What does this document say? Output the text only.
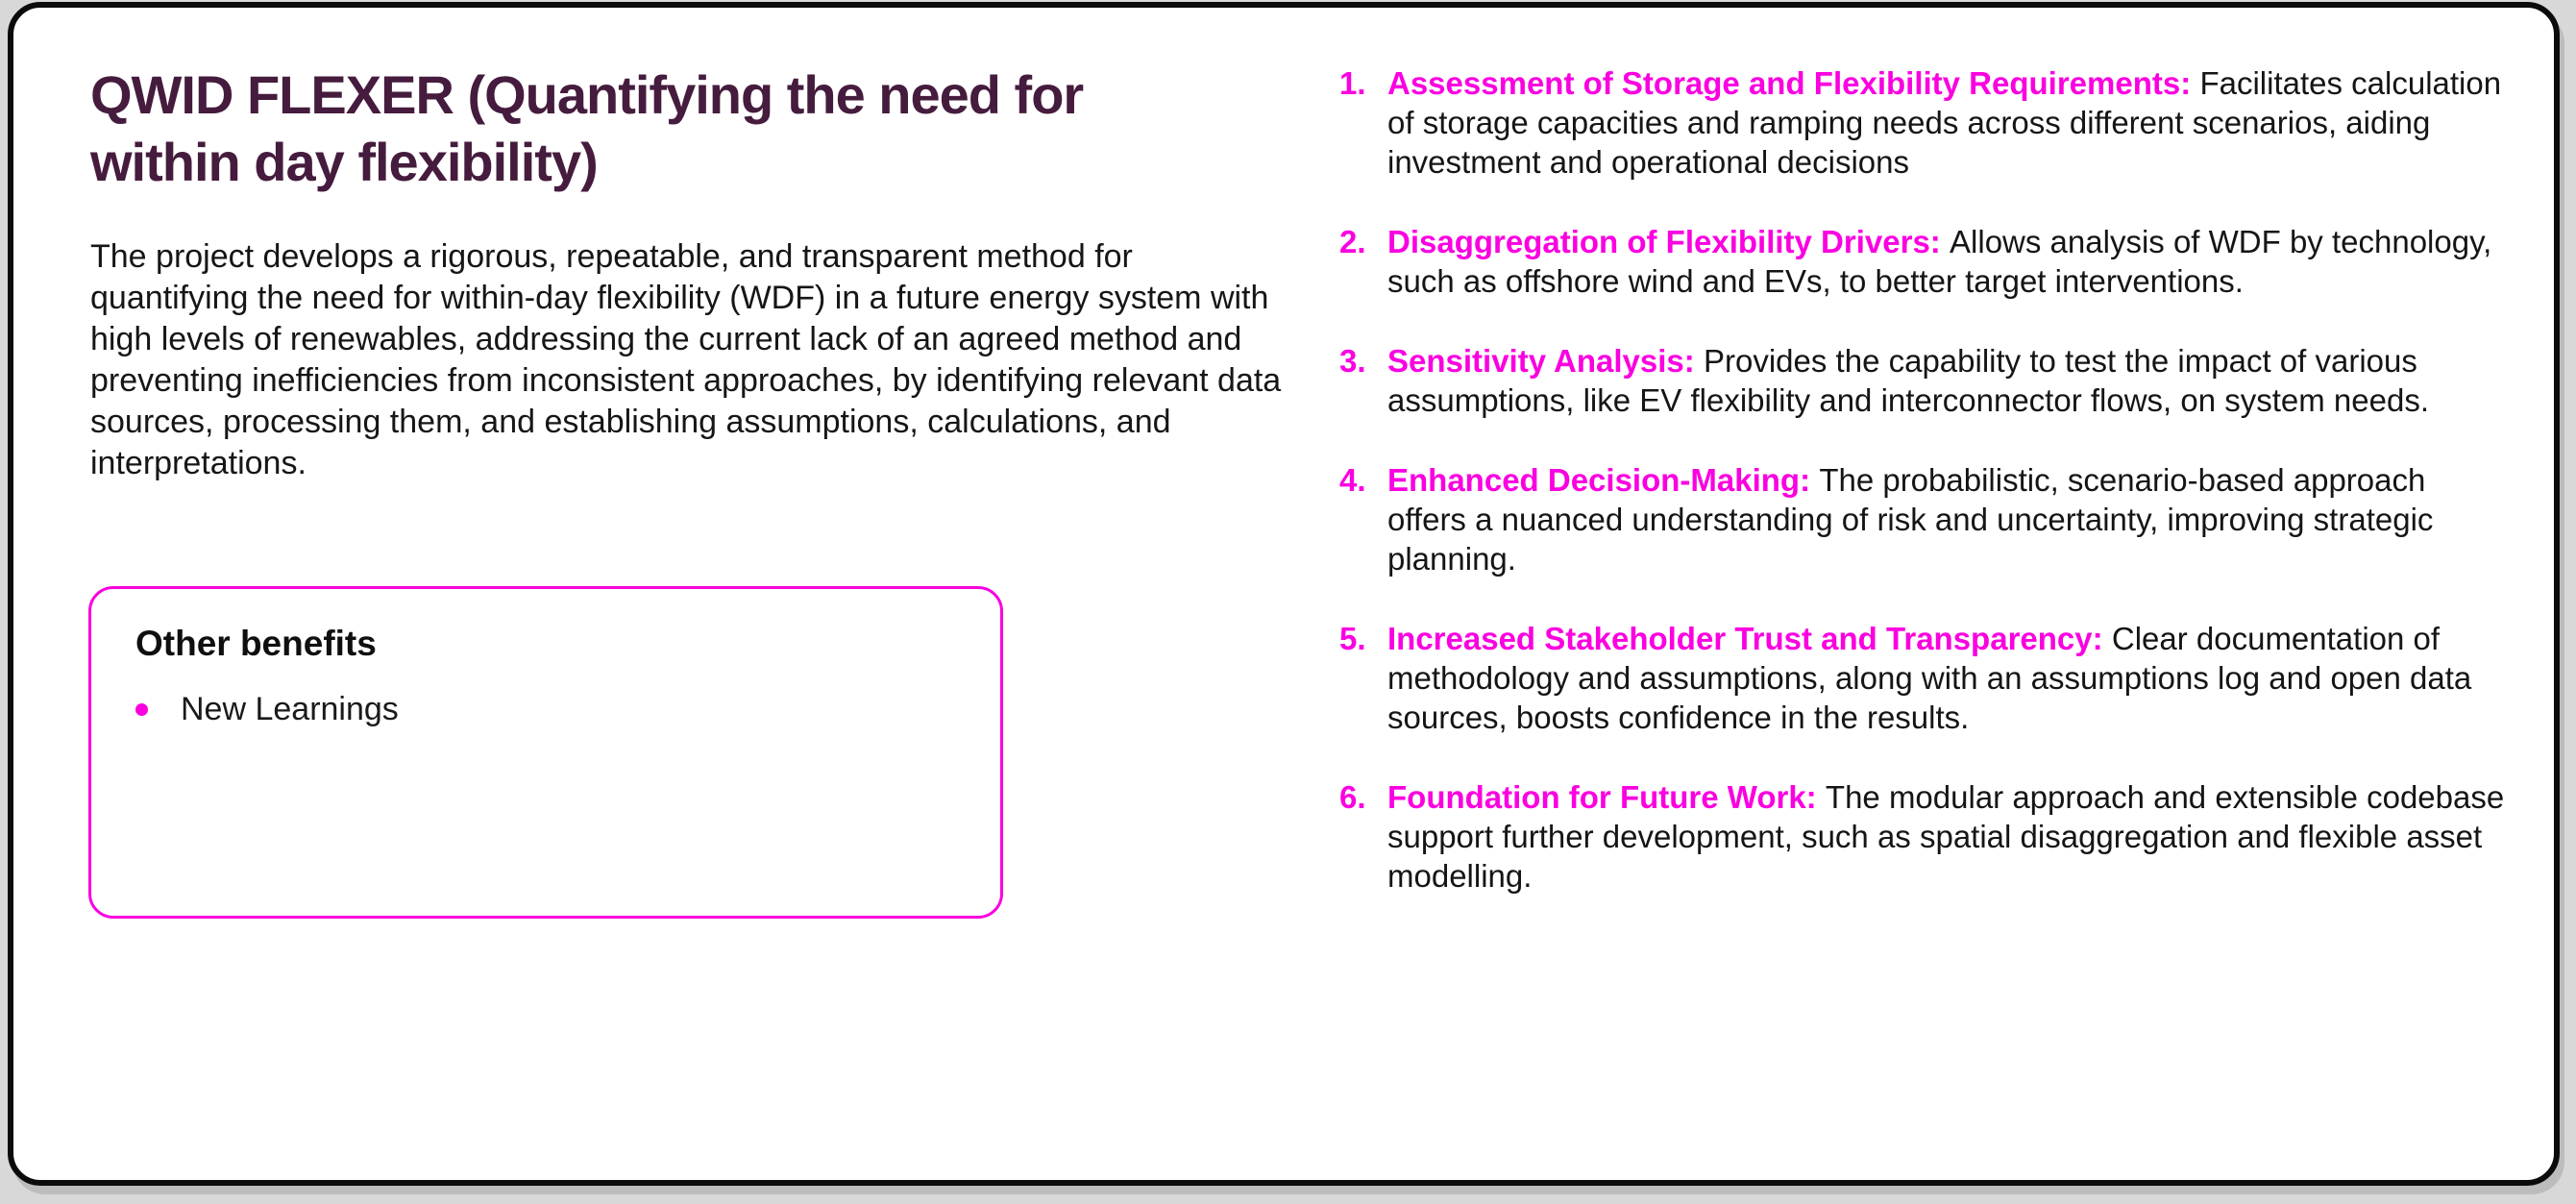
QWID FLEXER (Quantifying the need for within day flexibility)

The project develops a rigorous, repeatable, and transparent method for quantifying the need for within-day flexibility (WDF) in a future energy system with high levels of renewables, addressing the current lack of an agreed method and preventing inefficiencies from inconsistent approaches, by identifying relevant data sources, processing them, and establishing assumptions, calculations, and interpretations.

Other benefits
New Learnings
1. Assessment of Storage and Flexibility Requirements: Facilitates calculation of storage capacities and ramping needs across different scenarios, aiding investment and operational decisions

2. Disaggregation of Flexibility Drivers: Allows analysis of WDF by technology, such as offshore wind and EVs, to better target interventions.

3. Sensitivity Analysis: Provides the capability to test the impact of various assumptions, like EV flexibility and interconnector flows, on system needs.

4. Enhanced Decision-Making: The probabilistic, scenario-based approach offers a nuanced understanding of risk and uncertainty, improving strategic planning.

5. Increased Stakeholder Trust and Transparency: Clear documentation of methodology and assumptions, along with an assumptions log and open data sources, boosts confidence in the results.

6. Foundation for Future Work: The modular approach and extensible codebase support further development, such as spatial disaggregation and flexible asset modelling.
